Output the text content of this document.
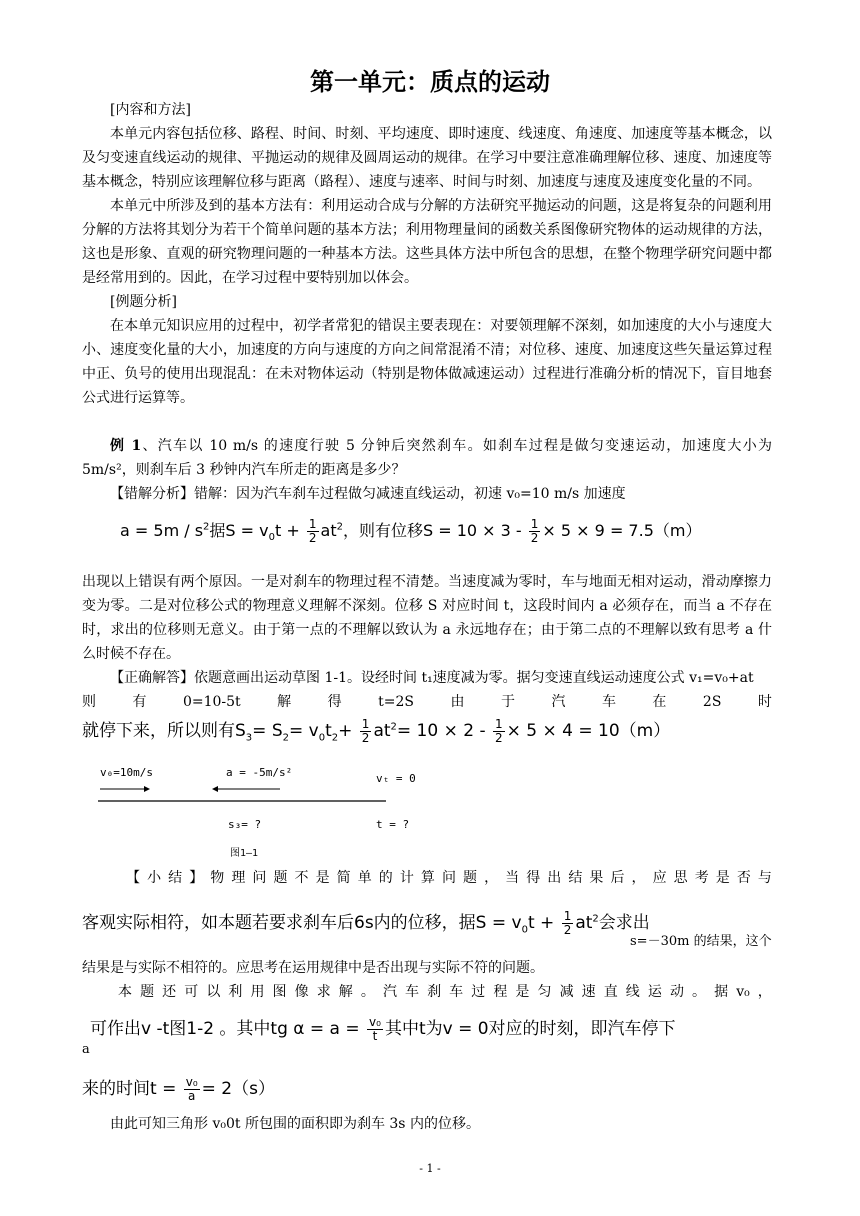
第一单元：质点的运动
[内容和方法]
本单元内容包括位移、路程、时间、时刻、平均速度、即时速度、线速度、角速度、加速度等基本概念，以及匀变速直线运动的规律、平抛运动的规律及圆周运动的规律。在学习中要注意准确理解位移、速度、加速度等基本概念，特别应该理解位移与距离（路程）、速度与速率、时间与时刻、加速度与速度及速度变化量的不同。
本单元中所涉及到的基本方法有：利用运动合成与分解的方法研究平抛运动的问题，这是将复杂的问题利用分解的方法将其划分为若干个简单问题的基本方法；利用物理量间的函数关系图像研究物体的运动规律的方法，这也是形象、直观的研究物理问题的一种基本方法。这些具体方法中所包含的思想，在整个物理学研究问题中都是经常用到的。因此，在学习过程中要特别加以体会。
[例题分析]
在本单元知识应用的过程中，初学者常犯的错误主要表现在：对要领理解不深刻，如加速度的大小与速度大小、速度变化量的大小，加速度的方向与速度的方向之间常混淆不清；对位移、速度、加速度这些矢量运算过程中正、负号的使用出现混乱：在未对物体运动（特别是物体做减速运动）过程进行准确分析的情况下，盲目地套公式进行运算等。
例 1、汽车以 10 m/s 的速度行驶 5 分钟后突然刹车。如刹车过程是做匀变速运动，加速度大小为 5m/s²，则刹车后 3 秒钟内汽车所走的距离是多少？
【错解分析】错解：因为汽车刹车过程做匀减速直线运动，初速 v₀=10 m/s 加速度
$a = 5m / s^2$据$S = v_0t + \frac{1}{2} at^2$，则有位移$S = 10 \times 3 - \frac{1}{2} \times 5 \times 9 = 7.5(m)$
出现以上错误有两个原因。一是对刹车的物理过程不清楚。当速度减为零时，车与地面无相对运动，滑动摩擦力变为零。二是对位移公式的物理意义理解不深刻。位移 S 对应时间 t，这段时间内 a 必须存在，而当 a 不存在时，求出的位移则无意义。由于第一点的不理解以致认为 a 永远地存在；由于第二点的不理解以致有思考 a 什么时候不存在。
【正确解答】依题意画出运动草图 1-1。设经时间 t₁速度减为零。据匀变速直线运动速度公式 v₁=v₀+at
则	有	0=10-5t	解	得	t=2S	由	于	汽	车	在	2S	时
就停下来，所以则有$S_3= S_2= v_0t_2+ \frac{1}{2} at^2= 10 \times 2 - \frac{1}{2} \times 5 \times 4 = 10(m)$
v₀=10m/s	a = -5m/s²	vₜ = 0
s₃= ?	t = ?
图1—1
【 小 结 】 物 理 问 题 不 是 简 单 的 计 算 问 题 ， 当 得 出 结 果 后 ， 应 思 考 是 否 与
客观实际相符，如本题若要求刹车后6s内的位移，据$S = v_0t + \frac{1}{2} at^2$会求出
s=－30m 的结果，这个
结果是与实际不相符的。应思考在运用规律中是否出现与实际不符的问题。
本 题 还 可 以 利 用 图 像 求 解 。 汽 车 刹 车 过 程 是 匀 减 速 直 线 运 动 。 据 v₀ ，
可作出v -t图1-2 。其中tg $\alpha = a = \frac{\text{v₀}}{t}$ 其中t为v = 0对应的时刻，即汽车停下
a
来的时间$t = \frac{\text{v₀}}{a} = 2(s)$
由此可知三角形 v₀0t 所包围的面积即为刹车 3s 内的位移。
- 1 -
